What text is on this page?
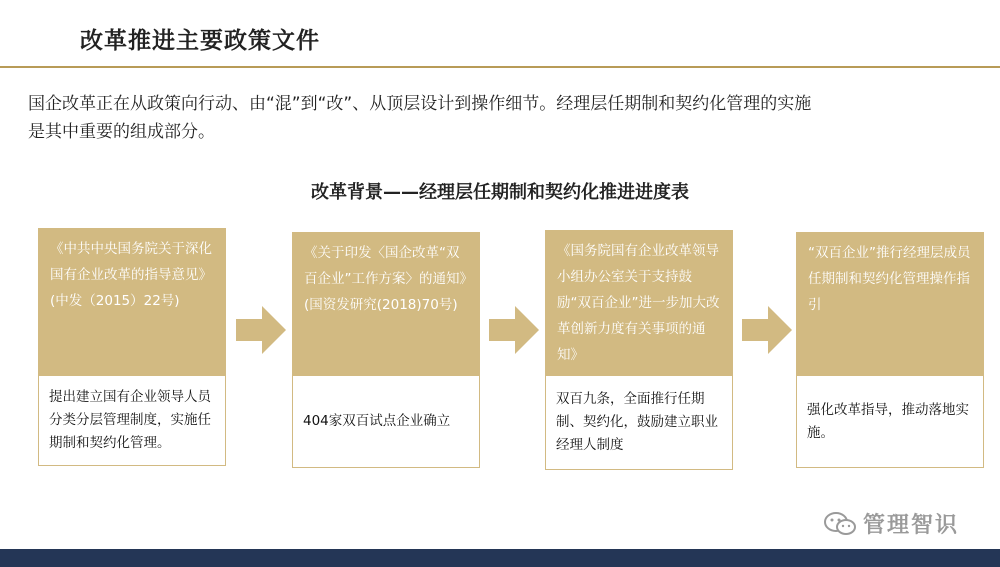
改革推进主要政策文件
国企改革正在从政策向行动、由“混”到“改”、从顶层设计到操作细节。经理层任期制和契约化管理的实施
是其中重要的组成部分。
改革背景——经理层任期制和契约化推进进度表
《中共中央国务院关于深化国有企业改革的指导意见》(中发（2015）22号)
提出建立国有企业领导人员分类分层管理制度，实施任期制和契约化管理。
《关于印发〈国企改革“双百企业”工作方案〉的通知》(国资发研究(2018)70号)
404家双百试点企业确立
《国务院国有企业改革领导小组办公室关于支持鼓励“双百企业”进一步加大改革创新力度有关事项的通知》
双百九条，全面推行任期制、契约化，鼓励建立职业经理人制度
“双百企业”推行经理层成员任期制和契约化管理操作指引
强化改革指导，推动落地实施。
管理智识
